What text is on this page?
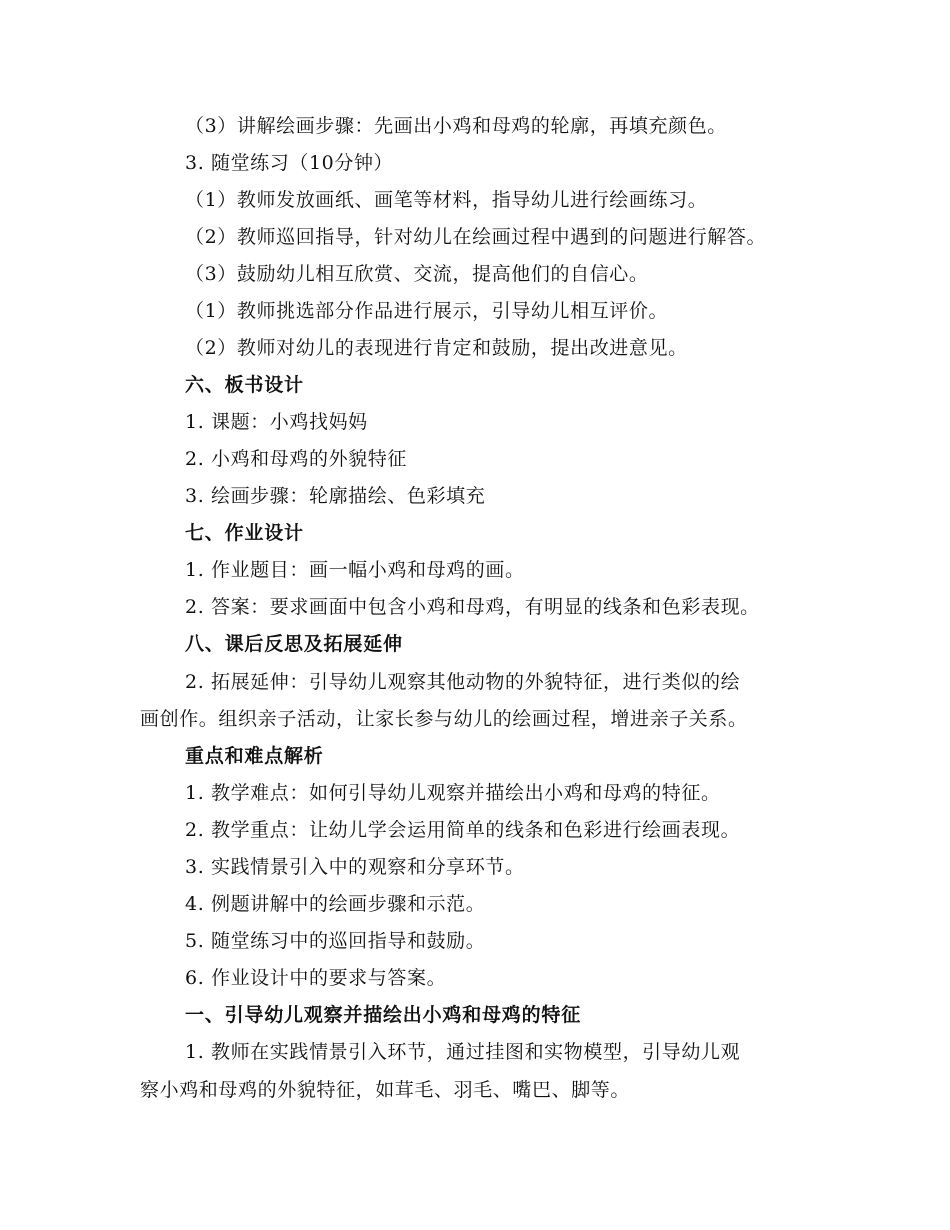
（3）讲解绘画步骤：先画出小鸡和母鸡的轮廓，再填充颜色。
3. 随堂练习（10分钟）
（1）教师发放画纸、画笔等材料，指导幼儿进行绘画练习。
（2）教师巡回指导，针对幼儿在绘画过程中遇到的问题进行解答。
（3）鼓励幼儿相互欣赏、交流，提高他们的自信心。
（1）教师挑选部分作品进行展示，引导幼儿相互评价。
（2）教师对幼儿的表现进行肯定和鼓励，提出改进意见。
六、板书设计
1. 课题：小鸡找妈妈
2. 小鸡和母鸡的外貌特征
3. 绘画步骤：轮廓描绘、色彩填充
七、作业设计
1. 作业题目：画一幅小鸡和母鸡的画。
2. 答案：要求画面中包含小鸡和母鸡，有明显的线条和色彩表现。
八、课后反思及拓展延伸
2. 拓展延伸：引导幼儿观察其他动物的外貌特征，进行类似的绘
画创作。组织亲子活动，让家长参与幼儿的绘画过程，增进亲子关系。
重点和难点解析
1. 教学难点：如何引导幼儿观察并描绘出小鸡和母鸡的特征。
2. 教学重点：让幼儿学会运用简单的线条和色彩进行绘画表现。
3. 实践情景引入中的观察和分享环节。
4. 例题讲解中的绘画步骤和示范。
5. 随堂练习中的巡回指导和鼓励。
6. 作业设计中的要求与答案。
一、引导幼儿观察并描绘出小鸡和母鸡的特征
1. 教师在实践情景引入环节，通过挂图和实物模型，引导幼儿观
察小鸡和母鸡的外貌特征，如茸毛、羽毛、嘴巴、脚等。
